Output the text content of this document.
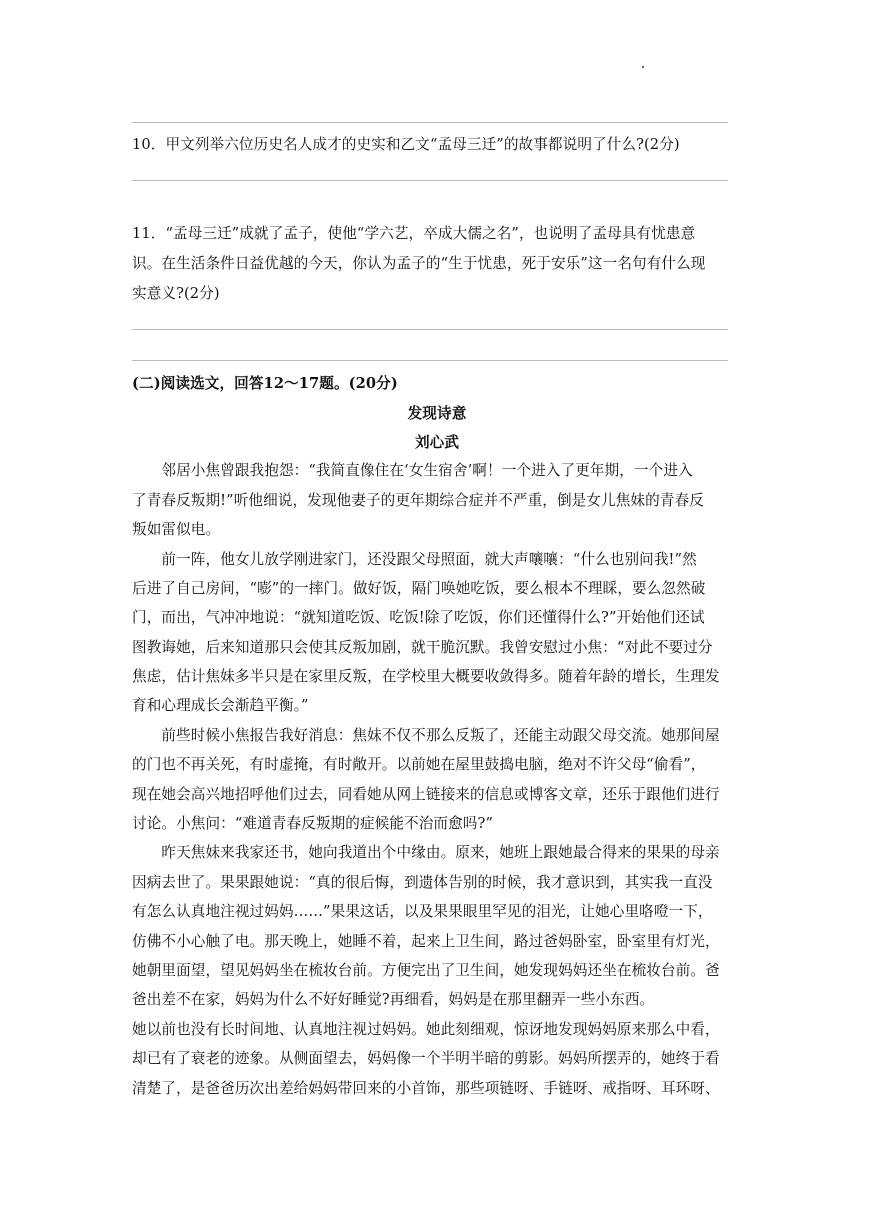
10．甲文列举六位历史名人成才的史实和乙文“孟母三迁”的故事都说明了什么?(2分)
11．“孟母三迁”成就了孟子，使他“学六艺，卒成大儒之名”，也说明了孟母具有忧患意
识。在生活条件日益优越的今天，你认为孟子的“生于忧患，死于安乐”这一名句有什么现
实意义?(2分)
(二)阅读选文，回答12～17题。(20分)
发现诗意
刘心武
　　邻居小焦曾跟我抱怨：“我简直像住在‘女生宿舍’啊！一个进入了更年期，一个进入
了青春反叛期!”听他细说，发现他妻子的更年期综合症并不严重，倒是女儿焦妹的青春反
叛如雷似电。
　　前一阵，他女儿放学刚进家门，还没跟父母照面，就大声嚷嚷：“什么也别问我!”然
后进了自己房间，“嘭”的一摔门。做好饭，隔门唤她吃饭，要么根本不理睬，要么忽然破
门，而出，气冲冲地说：“就知道吃饭、吃饭!除了吃饭，你们还懂得什么?”开始他们还试
图教诲她，后来知道那只会使其反叛加剧，就干脆沉默。我曾安慰过小焦：“对此不要过分
焦虑，估计焦妹多半只是在家里反叛，在学校里大概要收敛得多。随着年龄的增长，生理发
育和心理成长会渐趋平衡。”
　　前些时候小焦报告我好消息：焦妹不仅不那么反叛了，还能主动跟父母交流。她那间屋
的门也不再关死，有时虚掩，有时敞开。以前她在屋里鼓捣电脑，绝对不许父母“偷看”，
现在她会高兴地招呼他们过去，同看她从网上链接来的信息或博客文章，还乐于跟他们进行
讨论。小焦问：“难道青春反叛期的症候能不治而愈吗?”
　　昨天焦妹来我家还书，她向我道出个中缘由。原来，她班上跟她最合得来的果果的母亲
因病去世了。果果跟她说：“真的很后悔，到遗体告别的时候，我才意识到，其实我一直没
有怎么认真地注视过妈妈……”果果这话，以及果果眼里罕见的泪光，让她心里咯噔一下，
仿佛不小心触了电。那天晚上，她睡不着，起来上卫生间，路过爸妈卧室，卧室里有灯光，
她朝里面望，望见妈妈坐在梳妆台前。方便完出了卫生间，她发现妈妈还坐在梳妆台前。爸
爸出差不在家，妈妈为什么不好好睡觉?再细看，妈妈是在那里翻弄一些小东西。
她以前也没有长时间地、认真地注视过妈妈。她此刻细观，惊讶地发现妈妈原来那么中看，
却已有了衰老的迹象。从侧面望去，妈妈像一个半明半暗的剪影。妈妈所摆弄的，她终于看
清楚了，是爸爸历次出差给妈妈带回来的小首饰，那些项链呀、手链呀、戒指呀、耳环呀、
